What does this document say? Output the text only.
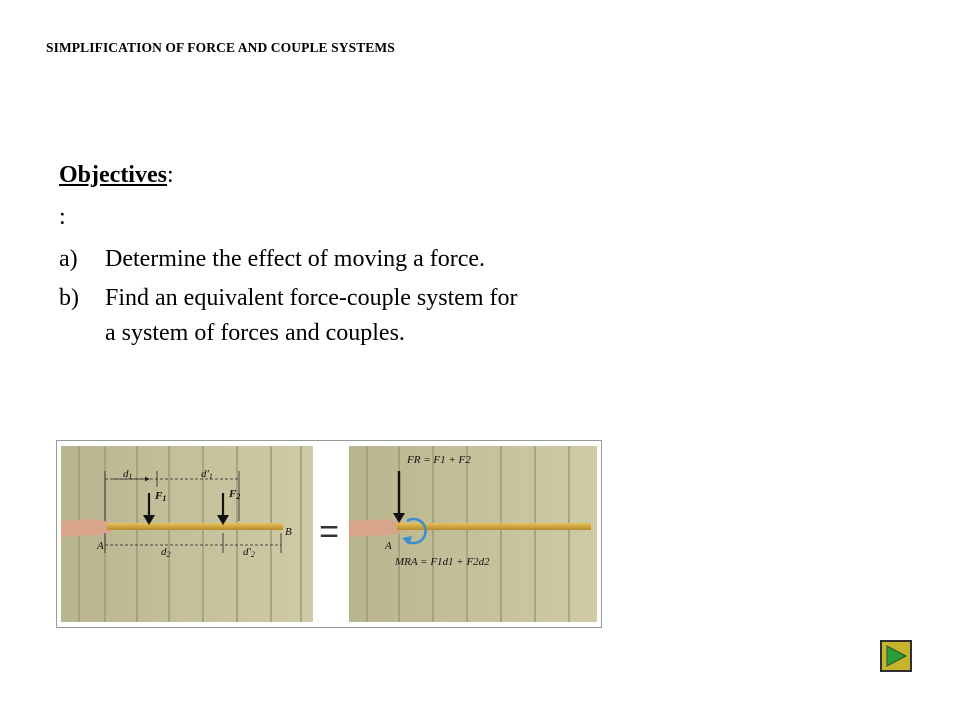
SIMPLIFICATION OF FORCE AND COUPLE SYSTEMS
Objectives:
:
a)	Determine the effect of moving a force.
b)	Find an equivalent force-couple system for a system of forces and couples.
d1	d'1
F1	F2
d2	d'2
A
B =
FR = F1 + F2
A
MRA = F1d1 + F2d2
